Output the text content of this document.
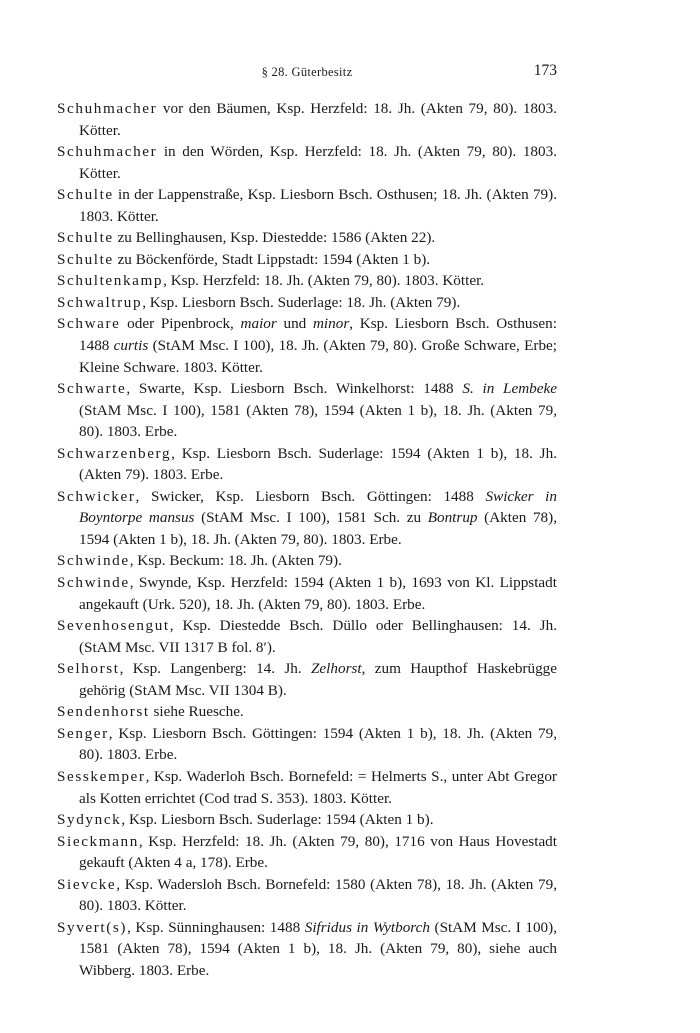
§ 28. Güterbesitz	173
Schuhmacher vor den Bäumen, Ksp. Herzfeld: 18. Jh. (Akten 79, 80). 1803. Kötter.
Schuhmacher in den Wörden, Ksp. Herzfeld: 18. Jh. (Akten 79, 80). 1803. Kötter.
Schulte in der Lappenstraße, Ksp. Liesborn Bsch. Osthusen; 18. Jh. (Akten 79). 1803. Kötter.
Schulte zu Bellinghausen, Ksp. Diestedde: 1586 (Akten 22).
Schulte zu Böckenförde, Stadt Lippstadt: 1594 (Akten 1 b).
Schultenkamp, Ksp. Herzfeld: 18. Jh. (Akten 79, 80). 1803. Kötter.
Schwaltrup, Ksp. Liesborn Bsch. Suderlage: 18. Jh. (Akten 79).
Schware oder Pipenbrock, maior und minor, Ksp. Liesborn Bsch. Osthusen: 1488 curtis (StAM Msc. I 100), 18. Jh. (Akten 79, 80). Große Schware, Erbe; Kleine Schware. 1803. Kötter.
Schwarte, Swarte, Ksp. Liesborn Bsch. Winkelhorst: 1488 S. in Lembeke (StAM Msc. I 100), 1581 (Akten 78), 1594 (Akten 1 b), 18. Jh. (Akten 79, 80). 1803. Erbe.
Schwarzenberg, Ksp. Liesborn Bsch. Suderlage: 1594 (Akten 1 b), 18. Jh. (Akten 79). 1803. Erbe.
Schwicker, Swicker, Ksp. Liesborn Bsch. Göttingen: 1488 Swicker in Boyntorpe mansus (StAM Msc. I 100), 1581 Sch. zu Bontrup (Akten 78), 1594 (Akten 1 b), 18. Jh. (Akten 79, 80). 1803. Erbe.
Schwinde, Ksp. Beckum: 18. Jh. (Akten 79).
Schwinde, Swynde, Ksp. Herzfeld: 1594 (Akten 1 b), 1693 von Kl. Lippstadt angekauft (Urk. 520), 18. Jh. (Akten 79, 80). 1803. Erbe.
Sevenhosengut, Ksp. Diestedde Bsch. Düllo oder Bellinghausen: 14. Jh. (StAM Msc. VII 1317 B fol. 8′).
Selhorst, Ksp. Langenberg: 14. Jh. Zelhorst, zum Haupthof Haskebrügge gehörig (StAM Msc. VII 1304 B).
Sendenhorst siehe Ruesche.
Senger, Ksp. Liesborn Bsch. Göttingen: 1594 (Akten 1 b), 18. Jh. (Akten 79, 80). 1803. Erbe.
Sesskemper, Ksp. Waderloh Bsch. Bornefeld: = Helmerts S., unter Abt Gregor als Kotten errichtet (Cod trad S. 353). 1803. Kötter.
Sydynck, Ksp. Liesborn Bsch. Suderlage: 1594 (Akten 1 b).
Sieckmann, Ksp. Herzfeld: 18. Jh. (Akten 79, 80), 1716 von Haus Hovestadt gekauft (Akten 4 a, 178). Erbe.
Sievcke, Ksp. Wadersloh Bsch. Bornefeld: 1580 (Akten 78), 18. Jh. (Akten 79, 80). 1803. Kötter.
Syvert(s), Ksp. Sünninghausen: 1488 Sifridus in Wytborch (StAM Msc. I 100), 1581 (Akten 78), 1594 (Akten 1 b), 18. Jh. (Akten 79, 80), siehe auch Wibberg. 1803. Erbe.
